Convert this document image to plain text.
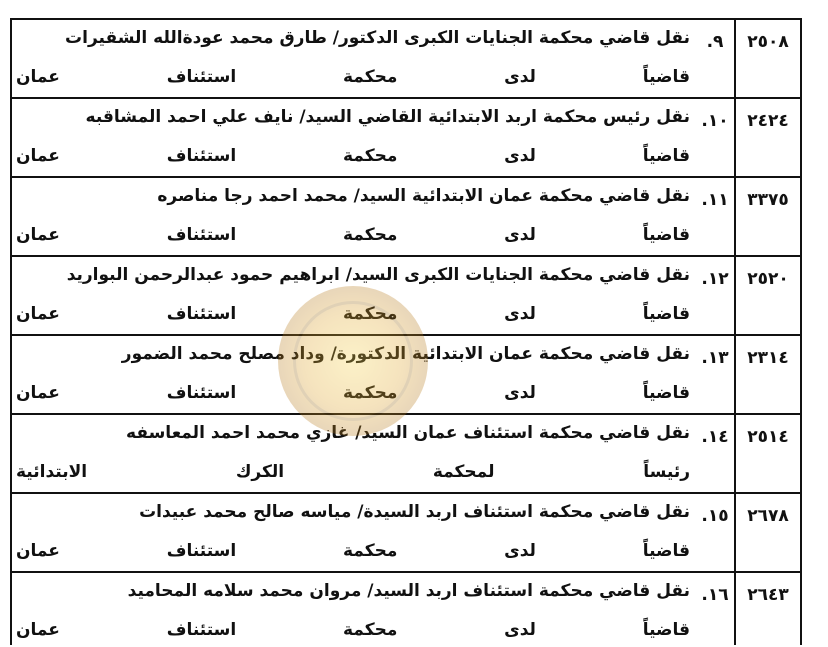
٢٥٠٨
٩.
نقل قاضي محكمة الجنايات الكبرى الدكتور/ طارق محمد عودةالله الشقيرات
قاضياً لدى محكمة استئناف عمان
٢٤٢٤
١٠.
نقل رئيس محكمة اربد الابتدائية القاضي السيد/ نايف علي احمد المشاقبه
قاضياً لدى محكمة استئناف عمان
٣٣٧٥
١١.
نقل قاضي محكمة عمان الابتدائية السيد/ محمد احمد رجا مناصره
قاضياً لدى محكمة استئناف عمان
٢٥٢٠
١٢.
نقل قاضي محكمة الجنايات الكبرى السيد/ ابراهيم حمود عبدالرحمن البواريد
قاضياً لدى محكمة استئناف عمان
٢٣١٤
١٣.
نقل قاضي محكمة عمان الابتدائية الدكتورة/ وداد مصلح محمد الضمور
قاضياً لدى محكمة استئناف عمان
٢٥١٤
١٤.
نقل قاضي محكمة استئناف عمان السيد/ غازي محمد احمد المعاسفه
رئيساً لمحكمة الكرك الابتدائية
٢٦٧٨
١٥.
نقل قاضي محكمة استئناف اربد السيدة/ مياسه صالح محمد عبيدات
قاضياً لدى محكمة استئناف عمان
٢٦٤٣
١٦.
نقل قاضي محكمة استئناف اربد السيد/ مروان محمد سلامه المحاميد
قاضياً لدى محكمة استئناف عمان
